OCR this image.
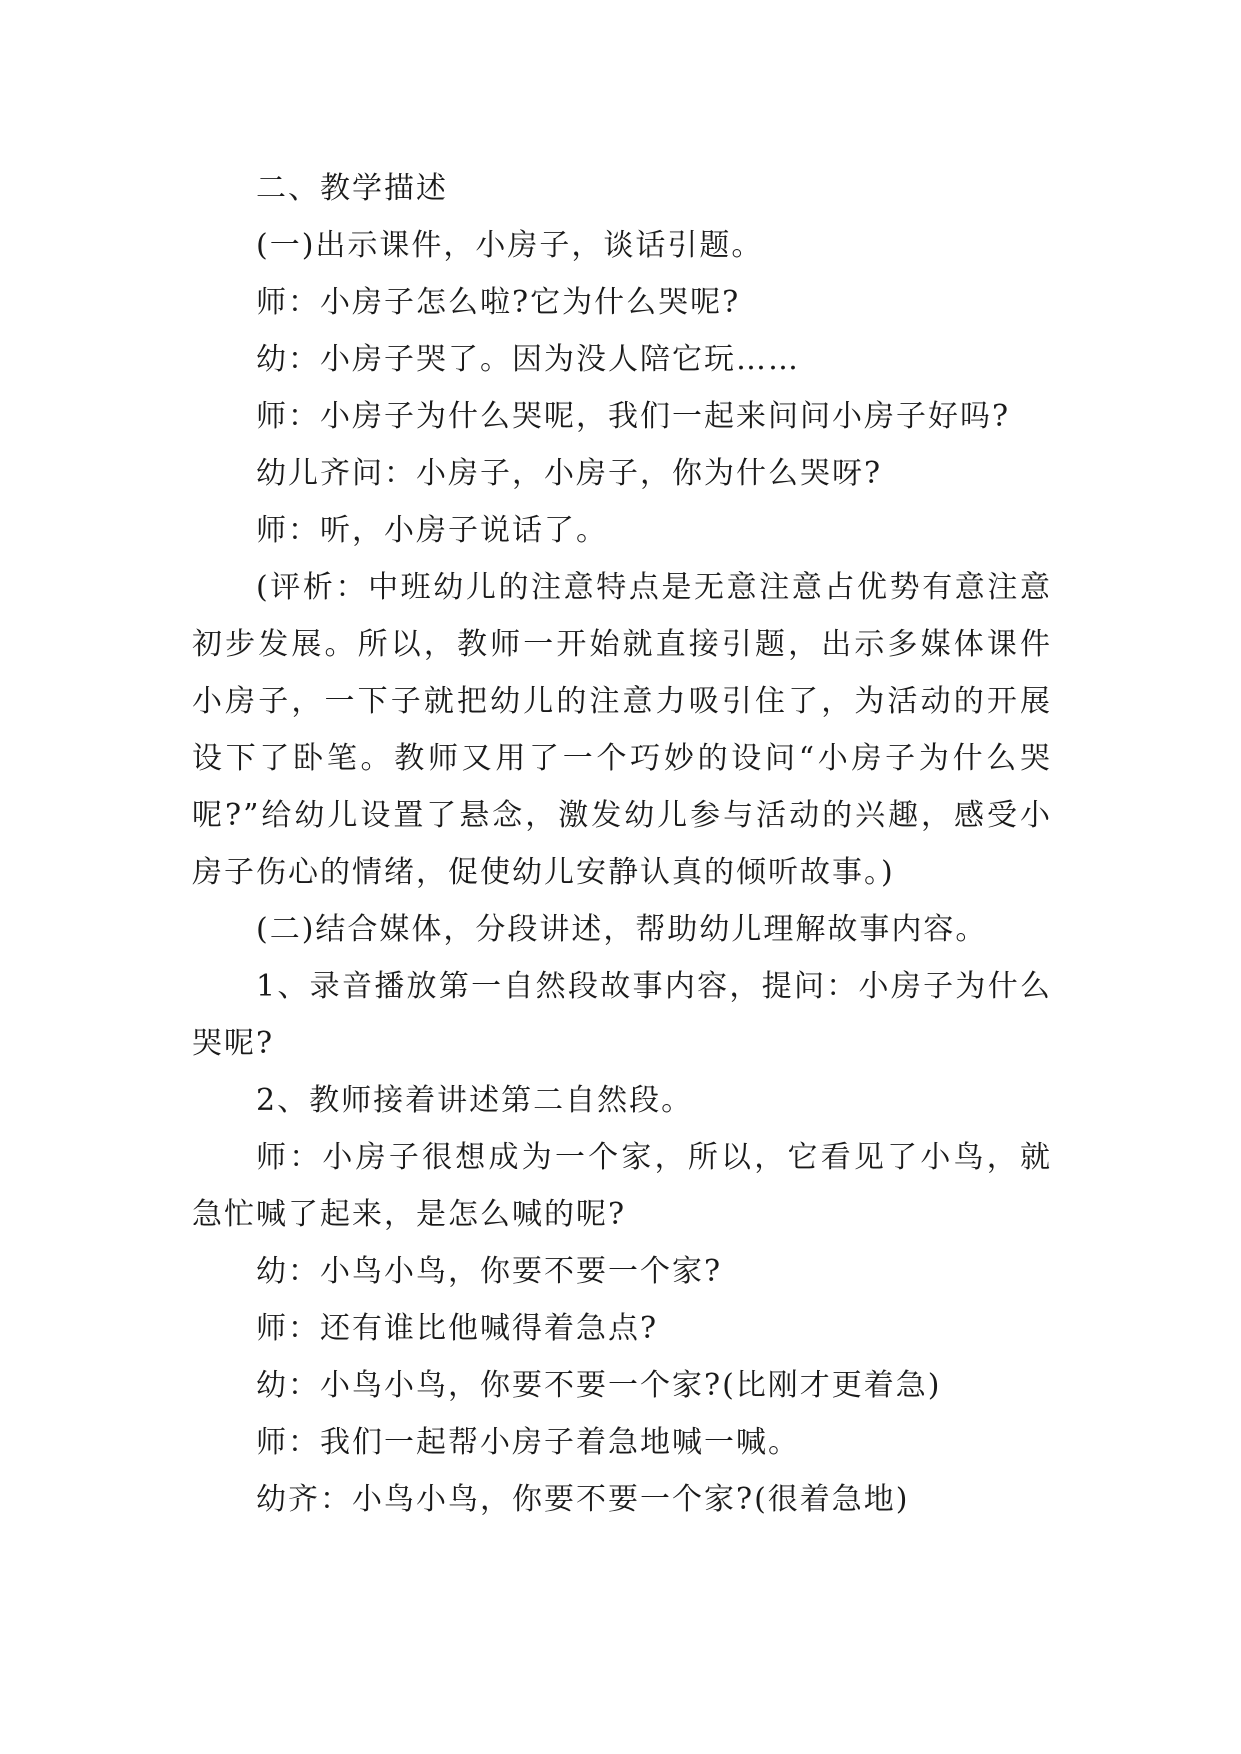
二、教学描述

(一)出示课件，小房子，谈话引题。

师：小房子怎么啦?它为什么哭呢?

幼：小房子哭了。因为没人陪它玩……

师：小房子为什么哭呢，我们一起来问问小房子好吗?

幼儿齐问：小房子，小房子，你为什么哭呀?

师：听，小房子说话了。

(评析：中班幼儿的注意特点是无意注意占优势有意注意初步发展。所以，教师一开始就直接引题，出示多媒体课件小房子，一下子就把幼儿的注意力吸引住了，为活动的开展设下了卧笔。教师又用了一个巧妙的设问“小房子为什么哭呢?”给幼儿设置了悬念，激发幼儿参与活动的兴趣，感受小房子伤心的情绪，促使幼儿安静认真的倾听故事。)

(二)结合媒体，分段讲述，帮助幼儿理解故事内容。

1、录音播放第一自然段故事内容，提问：小房子为什么哭呢?

2、教师接着讲述第二自然段。

师：小房子很想成为一个家，所以，它看见了小鸟，就急忙喊了起来，是怎么喊的呢?

幼：小鸟小鸟，你要不要一个家?

师：还有谁比他喊得着急点?

幼：小鸟小鸟，你要不要一个家?(比刚才更着急)

师：我们一起帮小房子着急地喊一喊。

幼齐：小鸟小鸟，你要不要一个家?(很着急地)
